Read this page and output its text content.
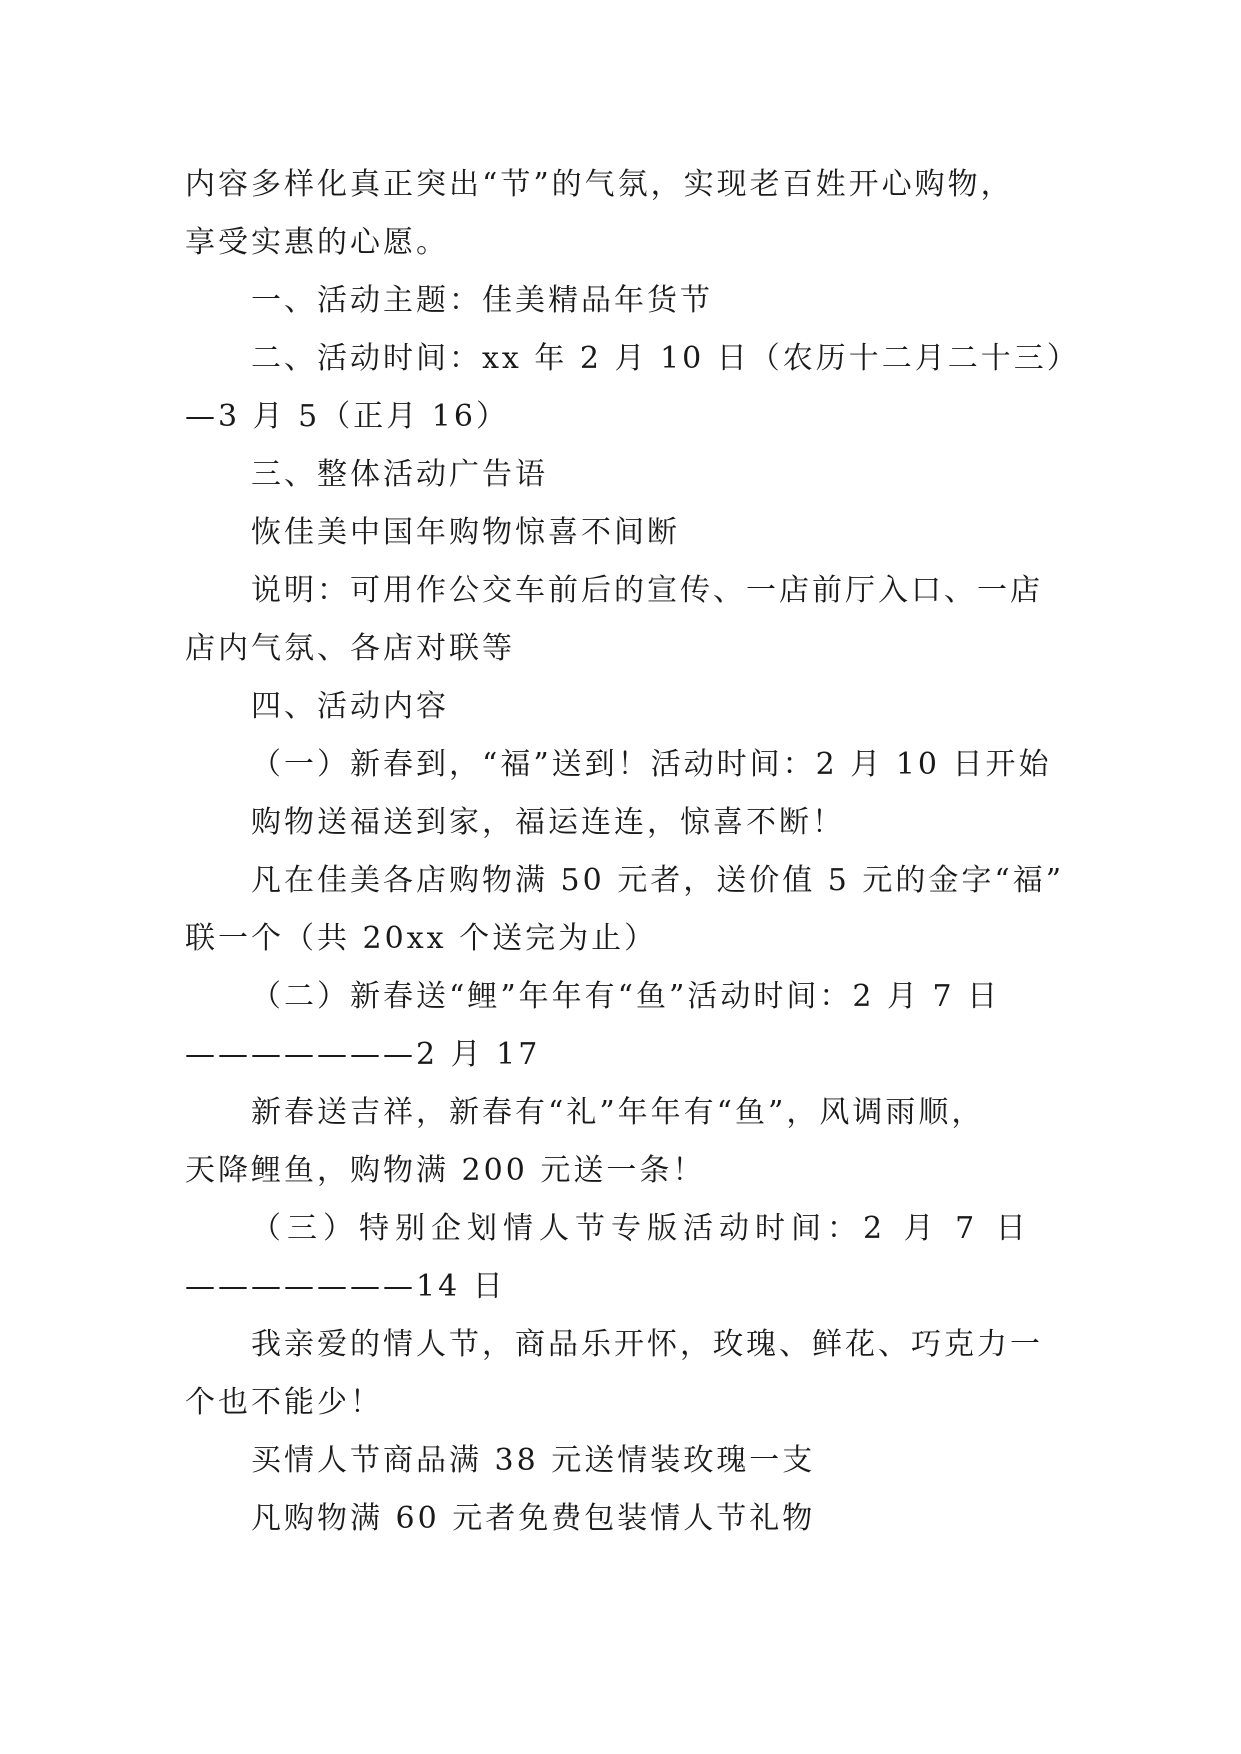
内容多样化真正突出“节”的气氛，实现老百姓开心购物，
享受实惠的心愿。
一、活动主题：佳美精品年货节
二、活动时间：xx 年 2 月 10 日（农历十二月二十三）
—3 月 5（正月 16）
三、整体活动广告语
恢佳美中国年购物惊喜不间断
说明：可用作公交车前后的宣传、一店前厅入口、一店
店内气氛、各店对联等
四、活动内容
（一）新春到，“福”送到！活动时间：2 月 10 日开始
购物送福送到家，福运连连，惊喜不断！
凡在佳美各店购物满 50 元者，送价值 5 元的金字“福”
联一个（共 20xx 个送完为止）
（二）新春送“鲤”年年有“鱼”活动时间：2 月 7 日
———————2 月 17
新春送吉祥，新春有“礼”年年有“鱼”，风调雨顺，
天降鲤鱼，购物满 200 元送一条！
（三）特别企划情人节专版活动时间：2 月 7 日
———————14 日
我亲爱的情人节，商品乐开怀，玫瑰、鲜花、巧克力一
个也不能少！
买情人节商品满 38 元送情装玫瑰一支
凡购物满 60 元者免费包装情人节礼物
